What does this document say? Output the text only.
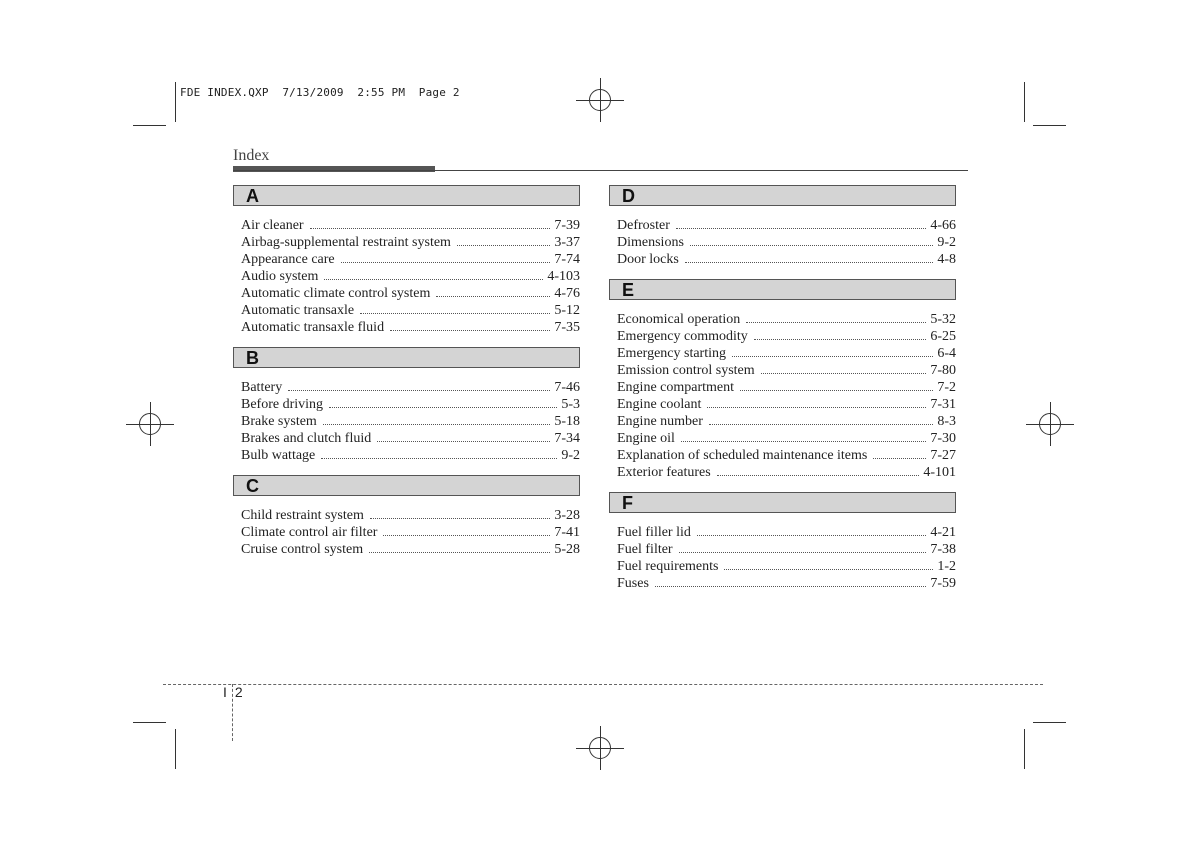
FDE INDEX.QXP  7/13/2009  2:55 PM  Page 2
Index
A
Air cleaner	7-39
Airbag-supplemental restraint system	3-37
Appearance care	7-74
Audio system	4-103
Automatic climate control system	4-76
Automatic transaxle	5-12
Automatic transaxle fluid	7-35
B
Battery	7-46
Before driving	5-3
Brake system	5-18
Brakes and clutch fluid	7-34
Bulb wattage	9-2
C
Child restraint system	3-28
Climate control air filter	7-41
Cruise control system	5-28
D
Defroster	4-66
Dimensions	9-2
Door locks	4-8
E
Economical operation	5-32
Emergency commodity	6-25
Emergency starting	6-4
Emission control system	7-80
Engine compartment	7-2
Engine coolant	7-31
Engine number	8-3
Engine oil	7-30
Explanation of scheduled maintenance items	7-27
Exterior features	4-101
F
Fuel filler lid	4-21
Fuel filter	7-38
Fuel requirements	1-2
Fuses	7-59
I 2
